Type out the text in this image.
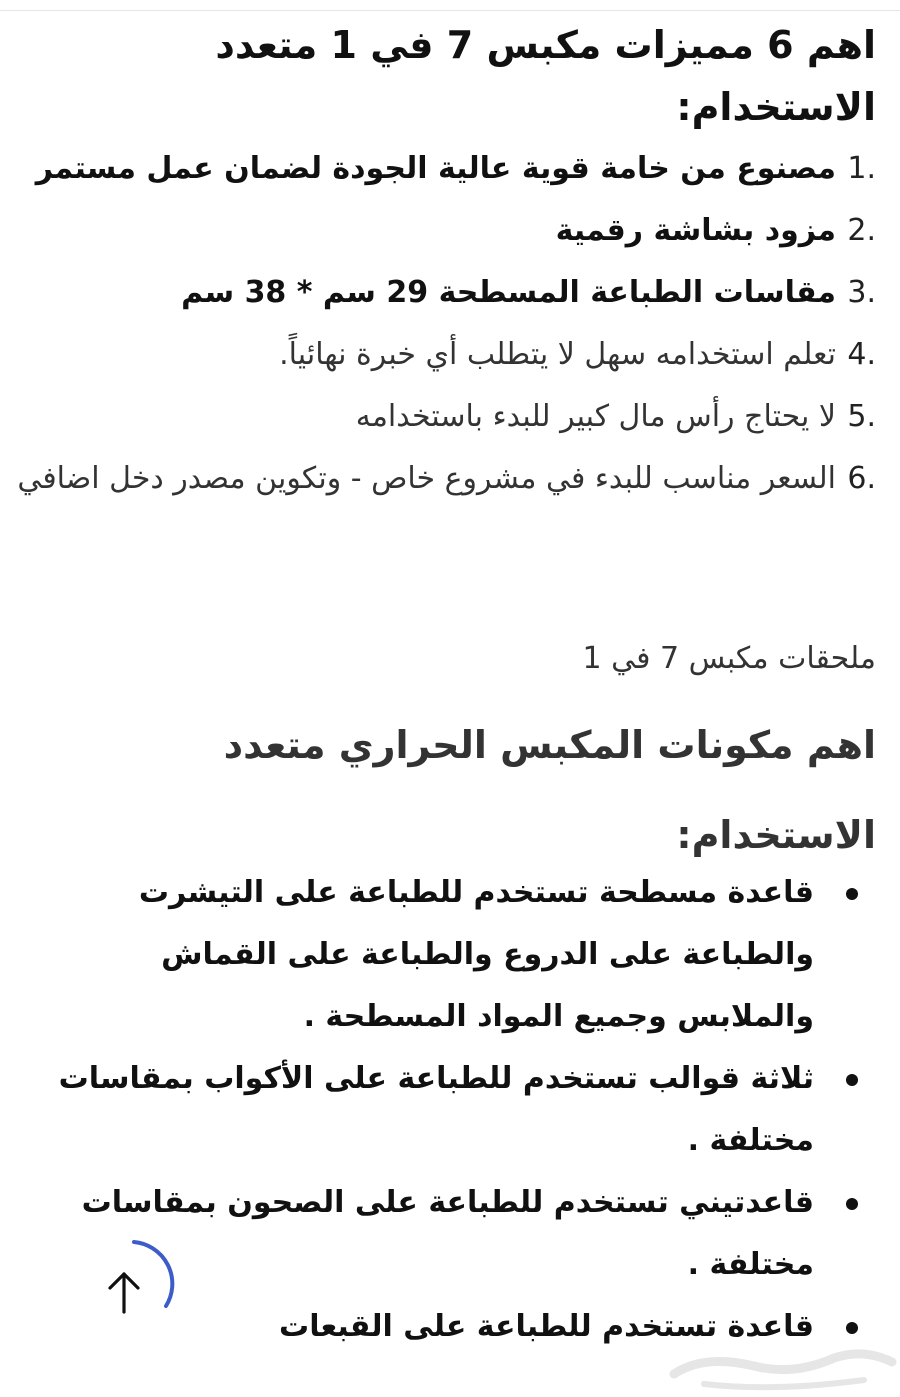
اهم 6 مميزات مكبس 7 في 1 متعدد الاستخدام:
1.
مصنوع من خامة قوية عالية الجودة لضمان عمل مستمر
2.
مزود بشاشة رقمية
3.
مقاسات الطباعة المسطحة 29 سم * 38 سم
4.
تعلم استخدامه سهل لا يتطلب أي خبرة نهائياً.
5.
لا يحتاج رأس مال كبير للبدء باستخدامه
6.
السعر مناسب للبدء في مشروع خاص - وتكوين مصدر دخل اضافي
ملحقات مكبس 7 في 1
اهم مكونات المكبس الحراري متعدد الاستخدام:
قاعدة مسطحة تستخدم للطباعة على التيشرت والطباعة على الدروع والطباعة على القماش والملابس وجميع المواد المسطحة .
ثلاثة قوالب تستخدم للطباعة على الأكواب بمقاسات مختلفة .
قاعدتيني تستخدم للطباعة على الصحون بمقاسات مختلفة .
قاعدة تستخدم للطباعة على القبعات
